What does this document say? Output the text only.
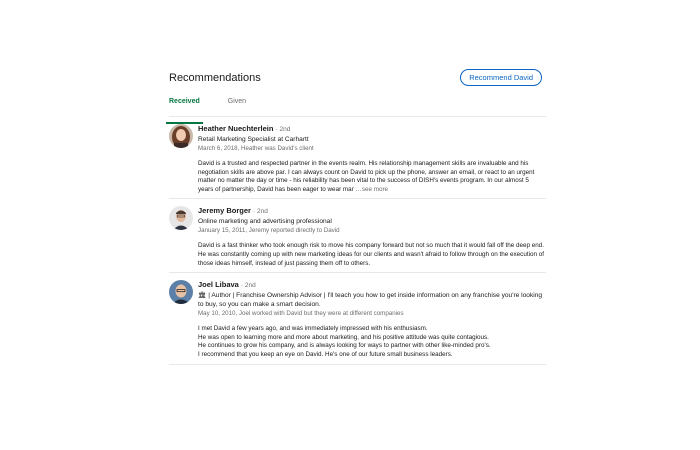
Recommendations	Recommend David
Received	Given
Heather Nuechterlein · 2nd
Retail Marketing Specialist at Carhartt
March 6, 2018, Heather was David's client
David is a trusted and respected partner in the events realm. His relationship management skills are invaluable and his negotiation skills are above par. I can always count on David to pick up the phone, answer an email, or react to an urgent matter no matter the day or time - his reliability has been vital to the success of DISH's events program. In our almost 5 years of partnership, David has been eager to wear mar …see more
Jeremy Borger · 2nd
Online marketing and advertising professional
January 15, 2011, Jeremy reported directly to David
David is a fast thinker who took enough risk to move his company forward but not so much that it would fall off the deep end. He was constantly coming up with new marketing ideas for our clients and wasn't afraid to follow through on the execution of those ideas himself, instead of just passing them off to others.
Joel Libava · 2nd
🏛 | Author | Franchise Ownership Advisor | I'll teach you how to get inside information on any franchise you're looking to buy, so you can make a smart decision.
May 10, 2010, Joel worked with David but they were at different companies
I met David a few years ago, and was immediately impressed with his enthusiasm.
He was open to learning more and more about marketing, and his positive attitude was quite contagious.
He continues to grow his company, and is always looking for ways to partner with other like-minded pro's.
I recommend that you keep an eye on David. He's one of our future small business leaders.
